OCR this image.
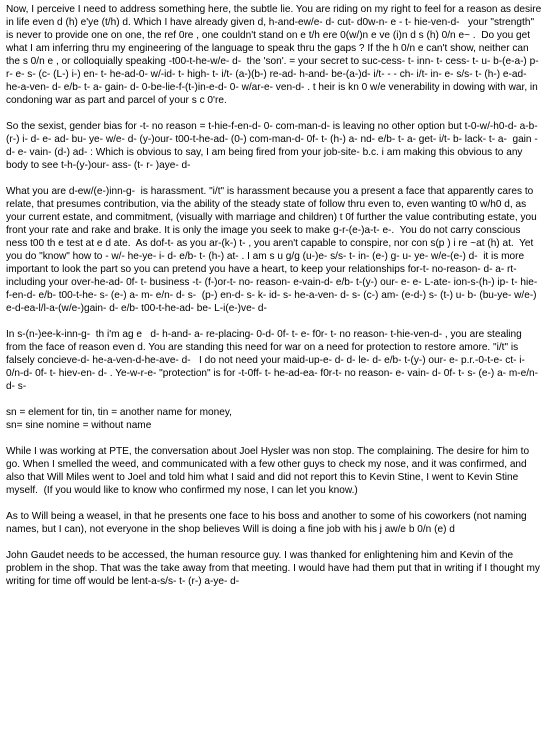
Now, I perceive I need to address something here, the subtle lie. You are riding on my right to feel for a reason as desire in life even d (h) e'ye (t/h) d. Which I have already given d, h-and-ew/e- d- cut- d0w-n- e - t- hie-ven-d-   your "strength" is never to provide one on one, the ref 0re , one couldn't stand on e t/h ere 0(w/)n e ve (i)n d s (h) 0/n e~ .  Do you get what I am inferring thru my engineering of the language to speak thru the gaps ? If the h 0/n e can't show, neither can the s 0/n e , or colloquially speaking -t00-t-he-w/e- d-  the 'son'. = your secret to suc-cess- t- inn- t- cess- t- u- b-(e-a-) p-r- e- s- (c- (L-) i-) en- t- he-ad-0- w/-id- t- high- t- i/t- (a-)(b-) re-ad- h-and- be-(a-)d- i/t- - - ch- i/t- in- e- s/s- t- (h-) e-ad- he-a-ven- d- e/b- t- a- gain- d- 0-be-lie-f-(t-)in-e-d- 0- w/ar-e- ven-d- . t heir is kn 0 w/e venerability in dowing with war, in condoning war as part and parcel of your s c 0're.

So the sexist, gender bias for -t- no reason = t-hie-f-en-d- 0- com-man-d- is leaving no other option but t-0-w/-h0-d- a-b- (r-) i- d- e- ad- bu- ye- w/e- d- (y-)our- t00-t-he-ad- (0-) com-man-d- 0f- t- (h-) a- nd- e/b- t- a- get- i/t- b- lack- t- a-  gain -d- e- vain- (d-) ad- : Which is obvious to say, I am being fired from your job-site- b.c. i am making this obvious to any body to see t-h-(y-)our- ass- (t- r- )aye- d-

What you are d-ew/(e-)inn-g-  is harassment. "i/t" is harassment because you a present a face that apparently cares to relate, that presumes contribution, via the ability of the steady state of follow thru even to, even wanting t0 w/h0 d, as your current estate, and commitment, (visually with marriage and children) t 0f further the value contributing estate, you front your rate and rake and brake. It is only the image you seek to make g-r-(e-)a-t- e-.  You do not carry conscious ness t00 th e test at e d ate.  As dof-t- as you ar-(k-) t- , you aren't capable to conspire, nor con s(p ) i re ~at (h) at.  Yet you do "know" how to - w/- he-ye- i- d- e/b- t- (h-) at- . I am s u g/g (u-)e- s/s- t- in- (e-) g- u- ye- w/e-(e-) d-  it is more important to look the part so you can pretend you have a heart, to keep your relationships for-t- no-reason- d- a- rt- including your over-he-ad- 0f- t- business -t- (f-)or-t- no- reason- e-vain-d- e/b- t-(y-) our- e- e- L-ate- ion-s-(h-) ip- t- hie-f-en-d- e/b- t00-t-he- s- (e-) a- m- e/n- d- s-  (p-) en-d- s- k- id- s- he-a-ven- d- s- (c-) am- (e-d-) s- (t-) u- b- (bu-ye- w/e-) e-d-ea-l/l-a-(w/e-)gain- d- e/b- t00-t-he-ad- be- L-i(e-)ve- d-

In s-(n-)ee-k-inn-g-  th i'm ag e   d- h-and- a- re-placing- 0-d- 0f- t- e- f0r- t- no reason- t-hie-ven-d- , you are stealing from the face of reason even d. You are standing this need for war on a need for protection to restore amore. "i/t" is falsely concieve-d- he-a-ven-d-he-ave- d-   I do not need your maid-up-e- d- d- le- d- e/b- t-(y-) our- e- p.r.-0-t-e- ct- i-0/n-d- 0f- t- hiev-en- d- . Ye-w-r-e- "protection" is for -t-0ff- t- he-ad-ea- f0r-t- no reason- e- vain- d- 0f- t- s- (e-) a- m-e/n-d- s-

sn = element for tin, tin = another name for money,
sn= sine nomine = without name

While I was working at PTE, the conversation about Joel Hysler was non stop. The complaining. The desire for him to go. When I smelled the weed, and communicated with a few other guys to check my nose, and it was confirmed, and also that Will Miles went to Joel and told him what I said and did not report this to Kevin Stine, I went to Kevin Stine myself.  (If you would like to know who confirmed my nose, I can let you know.)

As to Will being a weasel, in that he presents one face to his boss and another to some of his coworkers (not naming names, but I can), not everyone in the shop believes Will is doing a fine job with his j aw/e b 0/n (e) d

John Gaudet needs to be accessed, the human resource guy. I was thanked for enlightening him and Kevin of the problem in the shop. That was the take away from that meeting. I would have had them put that in writing if I thought my writing for time off would be lent-a-s/s- t- (r-) a-ye- d-
